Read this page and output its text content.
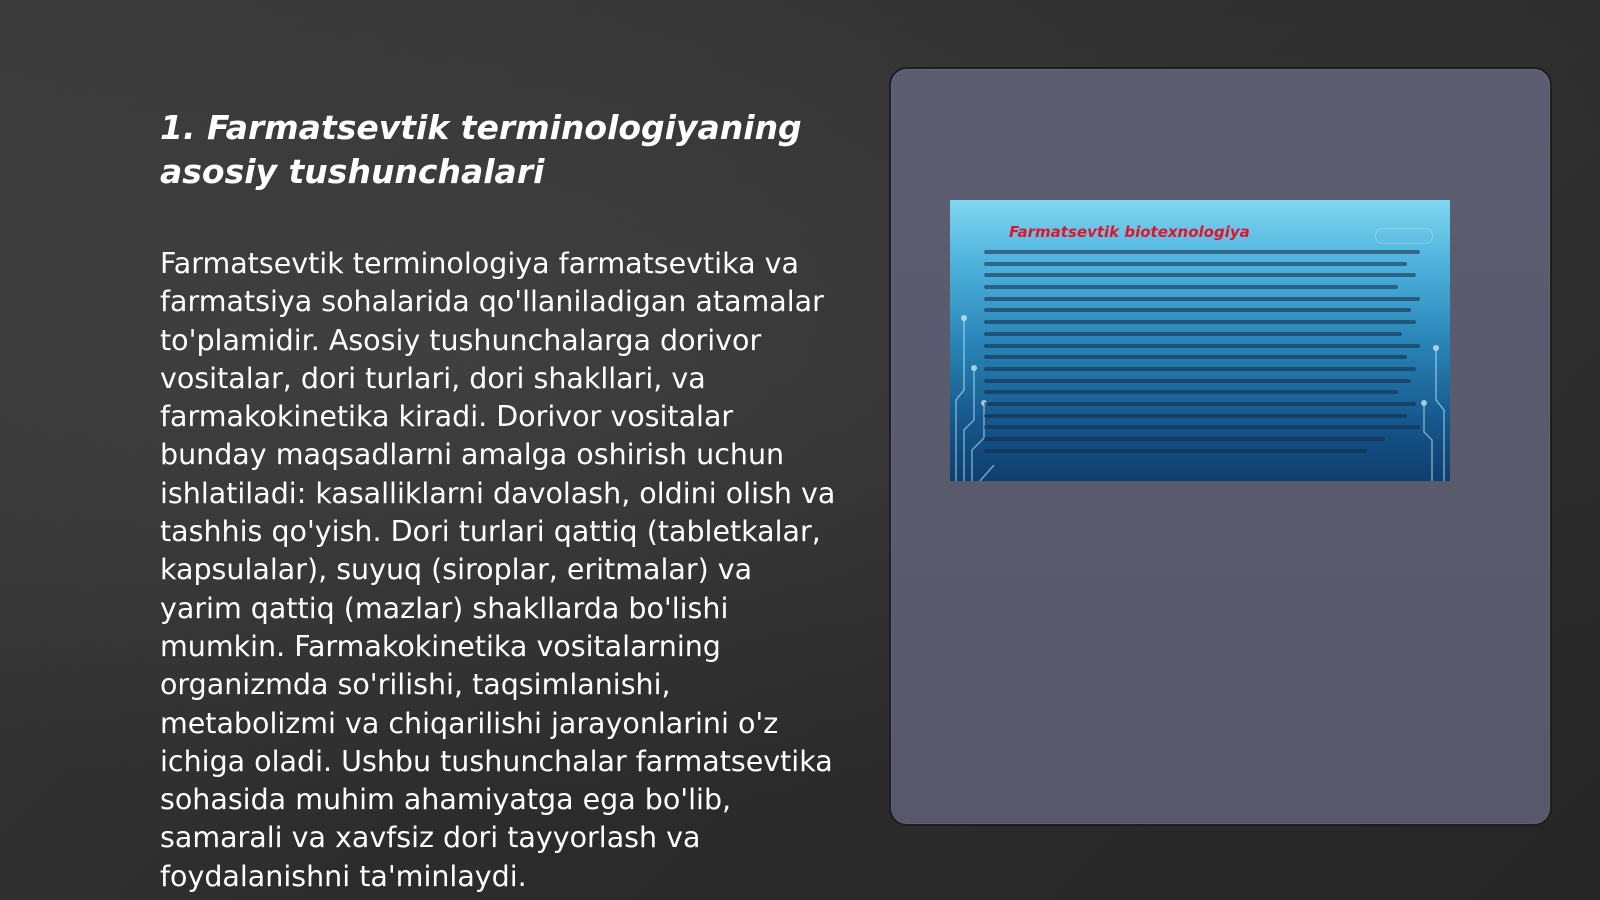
1. Farmatsevtik terminologiyaning asosiy tushunchalari

Farmatsevtik terminologiya farmatsevtika va farmatsiya sohalarida qo'llaniladigan atamalar to'plamidir. Asosiy tushunchalarga dorivor vositalar, dori turlari, dori shakllari, va farmakokinetika kiradi. Dorivor vositalar bunday maqsadlarni amalga oshirish uchun ishlatiladi: kasalliklarni davolash, oldini olish va tashhis qo'yish. Dori turlari qattiq (tabletkalar, kapsulalar), suyuq (siroplar, eritmalar) va yarim qattiq (mazlar) shakllarda bo'lishi mumkin. Farmakokinetika vositalarning organizmda so'rilishi, taqsimlanishi, metabolizmi va chiqarilishi jarayonlarini o'z ichiga oladi. Ushbu tushunchalar farmatsevtika sohasida muhim ahamiyatga ega bo'lib, samarali va xavfsiz dori tayyorlash va foydalanishni ta'minlaydi.

Farmatsevtik biotexnologiya
